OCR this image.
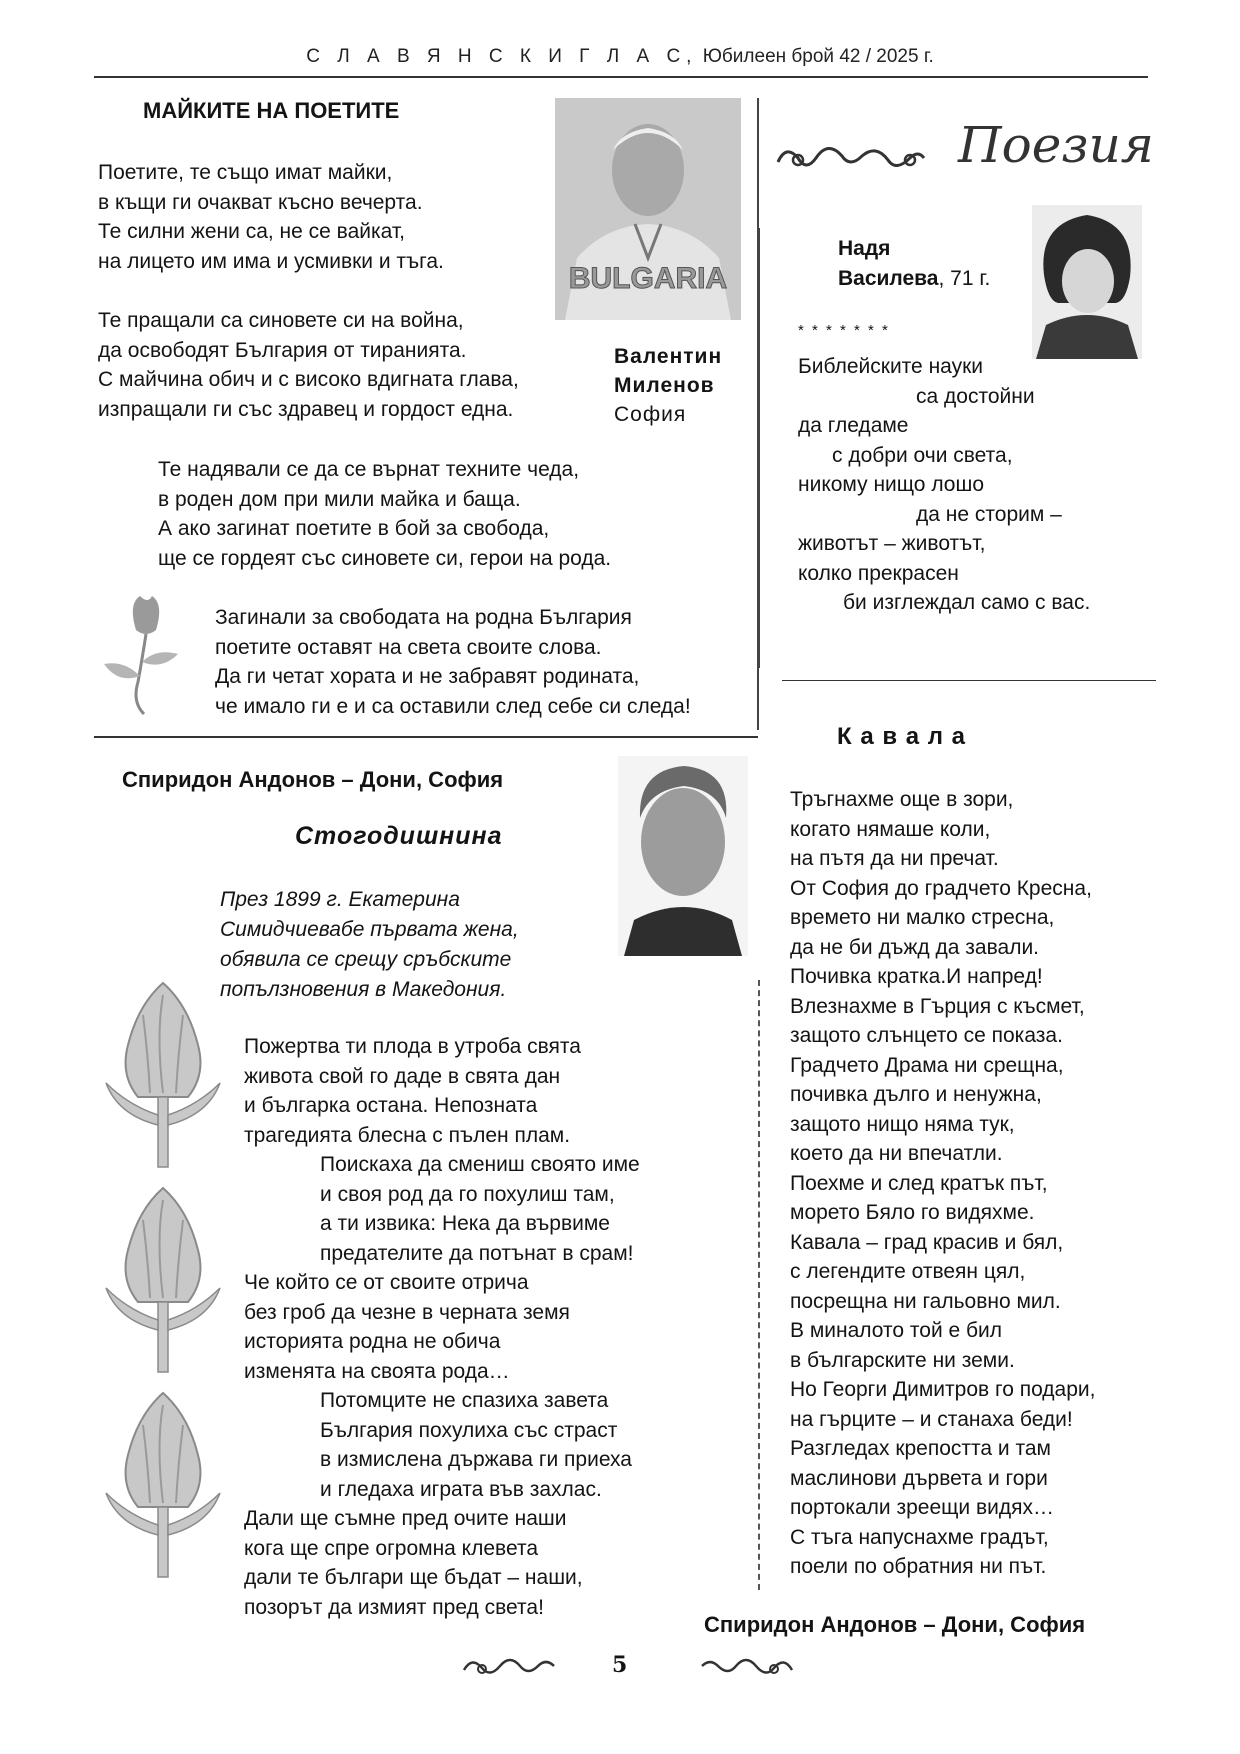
С Л А В Я Н С К И Г Л А С, Юбилеен брой 42 / 2025 г.
МАЙКИТЕ НА ПОЕТИТЕ
Поетите, те също имат майки,
в къщи ги очакват късно вечерта.
Те силни жени са, не се вайкат,
на лицето им има и усмивки и тъга.
Те пращали са синовете си на война,
да освободят България от тиранията.
С майчина обич и с високо вдигната глава,
изпращали ги със здравец и гордост една.
Те надявали се да се върнат техните чеда,
в роден дом при мили майка и баща.
А ако загинат поетите в бой за свобода,
ще се гордеят със синовете си, герои на рода.
Загинали за свободата на родна България
поетите оставят на света своите слова.
Да ги четат хората и не забравят родината,
че имало ги е и са оставили след себе си следа!
BULGARIA
Валентин
Миленов
София
Поезия
Надя
Василева, 71 г.
* * * * * * *
Библейските науки
са достойни
да гледаме
с добри очи света,
никому нищо лошо
да не сторим –
животът – животът,
колко прекрасен
би изглеждал само с вас.
К а в а л а
Тръгнахме още в зори,
когато нямаше коли,
на пътя да ни пречат.
От София до градчето Кресна,
времето ни малко стресна,
да не би дъжд да завали.
Почивка кратка.И напред!
Влезнахме в Гърция с късмет,
защото слънцето се показа.
Градчето Драма ни срещна,
почивка дълго и ненужна,
защото нищо няма тук,
което да ни впечатли.
Поехме и след кратък път,
морето Бяло го видяхме.
Кавала – град красив и бял,
с легендите отвеян цял,
посрещна ни гальовно мил.
В миналото той е бил
в българските ни земи.
Но Георги Димитров го подари,
на гърците – и станаха беди!
Разгледах крепостта и там
маслинови дървета и гори
портокали зреещи видях…
С тъга напуснахме градът,
поели по обратния ни път.
Спиридон Андонов – Дони, София
Спиридон Андонов – Дони, София
Стогодишнина
През 1899 г. Екатерина
Симидчиевабе първата жена,
обявила се срещу сръбските
попълзновения в Македония.
Пожертва ти плода в утроба свята
живота свой го даде в свята дан
и българка остана. Непозната
трагедията блесна с пълен плам.
Поискаха да смениш своято име
и своя род да го похулиш там,
а ти извика: Нека да вървиме
предателите да потънат в срам!
Че който се от своите отрича
без гроб да чезне в черната земя
историята родна не обича
изменята на своята рода…
Потомците не спазиха завета
България похулиха със страст
в измислена държава ги приеха
и гледаха играта във захлас.
Дали ще съмне пред очите наши
кога ще спре огромна клевета
дали те българи ще бъдат – наши,
позорът да измият пред света!
5
